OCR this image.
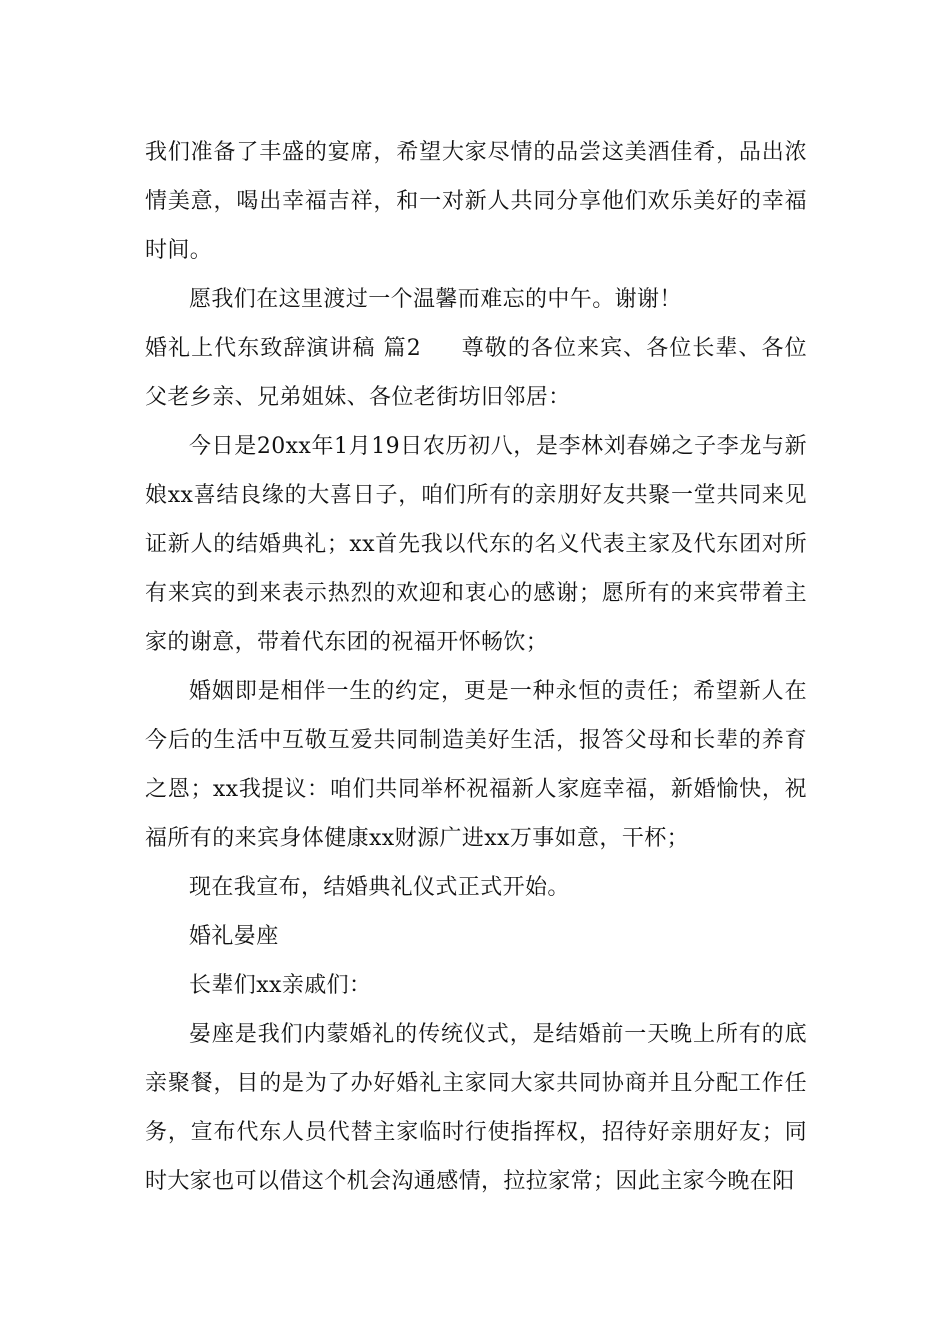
我们准备了丰盛的宴席，希望大家尽情的品尝这美酒佳肴，品出浓情美意，喝出幸福吉祥，和一对新人共同分享他们欢乐美好的幸福时间。

愿我们在这里渡过一个温馨而难忘的中午。谢谢！

婚礼上代东致辞演讲稿 篇2 尊敬的各位来宾、各位长辈、各位父老乡亲、兄弟姐妹、各位老街坊旧邻居：

今日是20xx年1月19日农历初八，是李林刘春娣之子李龙与新娘xx喜结良缘的大喜日子，咱们所有的亲朋好友共聚一堂共同来见证新人的结婚典礼；xx首先我以代东的名义代表主家及代东团对所有来宾的到来表示热烈的欢迎和衷心的感谢；愿所有的来宾带着主家的谢意，带着代东团的祝福开怀畅饮；

婚姻即是相伴一生的约定，更是一种永恒的责任；希望新人在今后的生活中互敬互爱共同制造美好生活，报答父母和长辈的养育之恩；xx我提议：咱们共同举杯祝福新人家庭幸福，新婚愉快，祝福所有的来宾身体健康xx财源广进xx万事如意，干杯；

现在我宣布，结婚典礼仪式正式开始。

婚礼晏座

长辈们xx亲戚们：

晏座是我们内蒙婚礼的传统仪式，是结婚前一天晚上所有的底亲聚餐，目的是为了办好婚礼主家同大家共同协商并且分配工作任务，宣布代东人员代替主家临时行使指挥权，招待好亲朋好友；同时大家也可以借这个机会沟通感情，拉拉家常；因此主家今晚在阳
